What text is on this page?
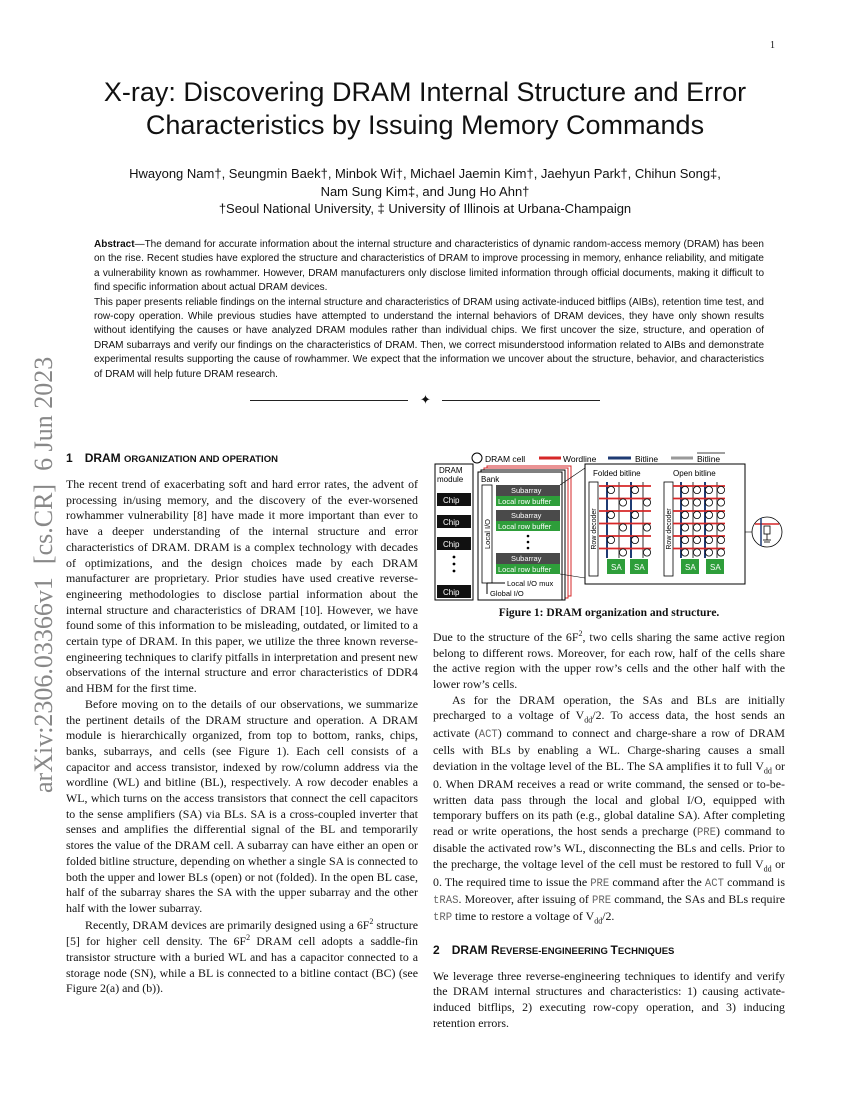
1
arXiv:2306.03366v1  [cs.CR]  6 Jun 2023
X-ray: Discovering DRAM Internal Structure and Error
Characteristics by Issuing Memory Commands
Hwayong Nam†, Seungmin Baek†, Minbok Wi†, Michael Jaemin Kim†, Jaehyun Park†, Chihun Song‡,
Nam Sung Kim‡, and Jung Ho Ahn†
†Seoul National University, ‡ University of Illinois at Urbana-Champaign

Abstract—The demand for accurate information about the internal structure and characteristics of dynamic random-access memory (DRAM) has been on the rise. Recent studies have explored the structure and characteristics of DRAM to improve processing in memory, enhance reliability, and mitigate a vulnerability known as rowhammer. However, DRAM manufacturers only disclose limited information through official documents, making it difficult to find specific information about actual DRAM devices.

This paper presents reliable findings on the internal structure and characteristics of DRAM using activate-induced bitflips (AIBs), retention time test, and row-copy operation. While previous studies have attempted to understand the internal behaviors of DRAM devices, they have only shown results without identifying the causes or have analyzed DRAM modules rather than individual chips. We first uncover the size, structure, and operation of DRAM subarrays and verify our findings on the characteristics of DRAM. Then, we correct misunderstood information related to AIBs and demonstrate experimental results supporting the cause of rowhammer. We expect that the information we uncover about the structure, behavior, and characteristics of DRAM will help future DRAM research.

✦
1 DRAM ORGANIZATION AND OPERATION

The recent trend of exacerbating soft and hard error rates, the advent of processing in/using memory, and the discovery of the ever-worsened rowhammer vulnerability [8] have made it more important than ever to have a deeper understanding of the internal structure and error characteristics of DRAM. DRAM is a complex technology with decades of optimizations, and the design choices made by each DRAM manufacturer are proprietary. Prior studies have used creative reverse-engineering methodologies to disclose partial information about the internal structure and characteristics of DRAM [10]. However, we have found some of this information to be misleading, outdated, or limited to a certain type of DRAM. In this paper, we utilize the three known reverse-engineering techniques to clarify pitfalls in interpretation and present new observations of the internal structure and error characteristics of DDR4 and HBM for the first time.

Before moving on to the details of our observations, we summarize the pertinent details of the DRAM structure and operation. A DRAM module is hierarchically organized, from top to bottom, ranks, chips, banks, subarrays, and cells (see Figure 1). Each cell consists of a capacitor and access transistor, indexed by row/column address via the wordline (WL) and bitline (BL), respectively. A row decoder enables a WL, which turns on the access transistors that connect the cell capacitors to the sense amplifiers (SA) via BLs. SA is a cross-coupled inverter that senses and amplifies the differential signal of the BL and temporarily stores the value of the DRAM cell. A subarray can have either an open or folded bitline structure, depending on whether a single SA is connected to both the upper and lower BLs (open) or not (folded). In the open BL case, half of the subarray shares the SA with the upper subarray and the other half with the lower subarray.

Recently, DRAM devices are primarily designed using a $6F^2$ structure [5] for higher cell density. The $6F^2$ DRAM cell adopts a saddle-fin transistor structure with a buried WL and has a capacitor connected to a storage node (SN), while a BL is connected to a bitline contact (BC) (see Figure 2(a) and (b)).

DRAM cell	Wordline	Bitline	Bitline
DRAM
module
Chip
Chip
Chip
Chip
Bank
Subarray
Local row buffer
Subarray
Local row buffer
Subarray
Local row buffer
Local I/O
Local I/O mux
Global I/O
Folded bitline	Open bitline
Row decoder	Row decoder
SA SA	SA SA
Figure 1: DRAM organization and structure.

Due to the structure of the $6F^2$, two cells sharing the same active region belong to different rows. Moreover, for each row, half of the cells share the active region with the upper row’s cells and the other half with the lower row’s cells.

As for the DRAM operation, the SAs and BLs are initially precharged to a voltage of $V_{dd}/2$. To access data, the host sends an activate (ACT) command to connect and charge-share a row of DRAM cells with BLs by enabling a WL. Charge-sharing causes a small deviation in the voltage level of the BL. The SA amplifies it to full $V_{dd}$ or 0. When DRAM receives a read or write command, the sensed or to-be-written data pass through the local and global I/O, equipped with temporary buffers on its path (e.g., global dataline SA). After completing read or write operations, the host sends a precharge (PRE) command to disable the activated row’s WL, disconnecting the BLs and cells. Prior to the precharge, the voltage level of the cell must be restored to full $V_{dd}$ or 0. The required time to issue the PRE command after the ACT command is tRAS. Moreover, after issuing of PRE command, the SAs and BLs require tRP time to restore a voltage of $V_{dd}/2$.

2 DRAM REVERSE-ENGINEERING TECHNIQUES

We leverage three reverse-engineering techniques to identify and verify the DRAM internal structures and characteristics: 1) causing activate-induced bitflips, 2) executing row-copy operation, and 3) inducing retention errors.
